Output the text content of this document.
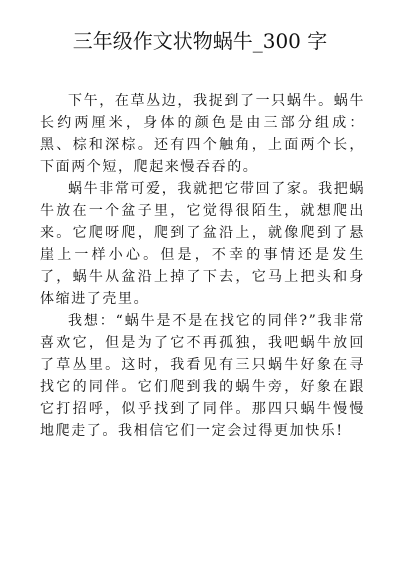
三年级作文状物蜗牛_300 字

下午，在草丛边，我捉到了一只蜗牛。蜗牛长约两厘米，身体的颜色是由三部分组成：黑、棕和深棕。还有四个触角，上面两个长，下面两个短，爬起来慢吞吞的。

蜗牛非常可爱，我就把它带回了家。我把蜗牛放在一个盆子里，它觉得很陌生，就想爬出来。它爬呀爬，爬到了盆沿上，就像爬到了悬崖上一样小心。但是，不幸的事情还是发生了，蜗牛从盆沿上掉了下去，它马上把头和身体缩进了壳里。

我想：“蜗牛是不是在找它的同伴?”我非常喜欢它，但是为了它不再孤独，我吧蜗牛放回了草丛里。这时，我看见有三只蜗牛好象在寻找它的同伴。它们爬到我的蜗牛旁，好象在跟它打招呼，似乎找到了同伴。那四只蜗牛慢慢地爬走了。我相信它们一定会过得更加快乐!
